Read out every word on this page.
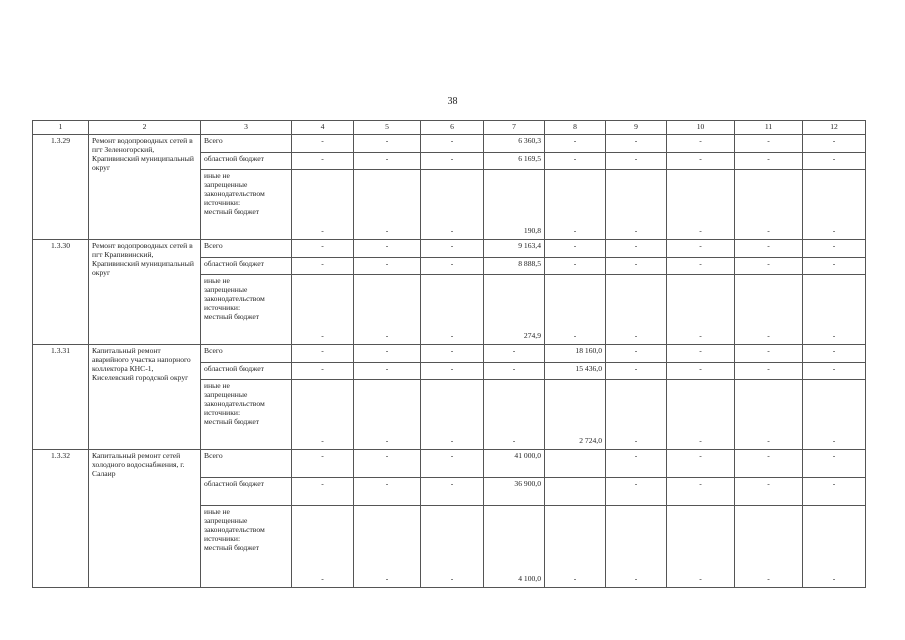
38
1	2	3	4	5	6	7	8	9	10	11	12
1.3.29	Ремонт водопроводных сетей в пгт Зеленогорский, Крапивинский муниципальный округ	Всего	-	-	-	6 360,3	-	-	-	-	-
		областной бюджет	-	-	-	6 169,5	-	-	-	-	-

		иные не
запрещенные
законодательством
источники:
местный бюджет	-	-	-	190,8	-	-	-	-	-
1.3.30	Ремонт водопроводных сетей в пгт Крапивинский, Крапивинский муниципальный округ	Всего	-	-	-	9 163,4	-	-	-	-	-
		областной бюджет	-	-	-	8 888,5	-	-	-	-	-

		иные не
запрещенные
законодательством
источники:
местный бюджет	-	-	-	274,9	-	-	-	-	-
1.3.31	Капитальный ремонт аварийного участка напорного коллектора КНС-1, Киселевский городской округ	Всего	-	-	-	-	18 160,0	-	-	-	-
		областной бюджет	-	-	-	-	15 436,0	-	-	-	-

		иные не
запрещенные
законодательством
источники:
местный бюджет	-	-	-	-	2 724,0	-	-	-	-
1.3.32	Капитальный ремонт сетей холодного водоснабжения, г. Салаир	Всего	-	-	-	41 000,0		-	-	-	-
		областной бюджет	-	-	-	36 900,0		-	-	-	-

		иные не
запрещенные
законодательством
источники:
местный бюджет	-	-	-	4 100,0	-	-	-	-	-
